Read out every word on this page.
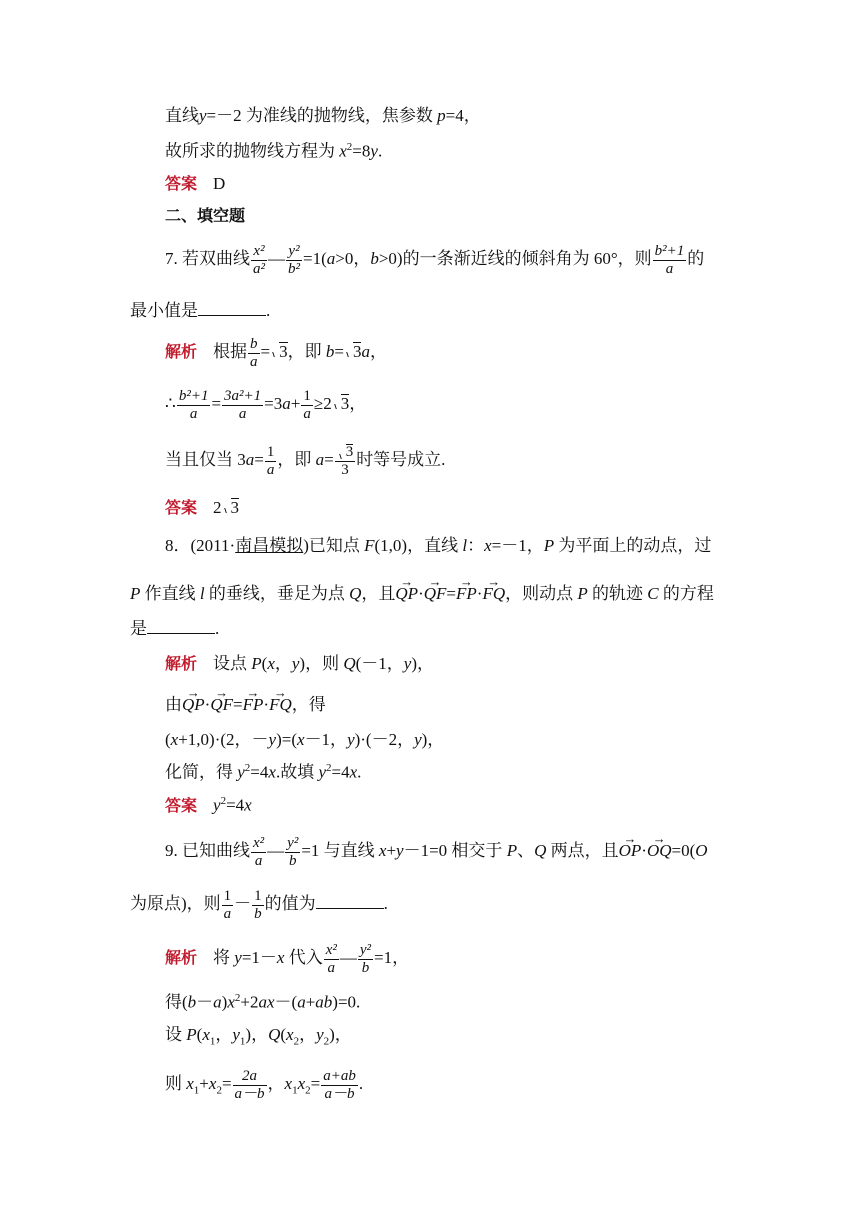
直线y=－2 为准线的抛物线，焦参数 p=4，
故所求的抛物线方程为 $x^2=8y$.
答案 D
二、填空题
7. 若双曲线 $\frac{\text{x²}}{\text{a²}}$ — $\frac{\text{y²}}{\text{b²}} =1(a>0$，b>0)的一条渐近线的倾斜角为 60°，则 $\frac{\text{b²+1}}{a}$ 的
最小值是	.
解析 根据 $\frac{b}{a} = 3$，即 b= 3a，
∴ $\frac{\text{b²+1}}{a} = \frac{\text{3a²+1}}{a} =3a+ \frac{1}{a} \ge 2$ 3，
当且仅当 $3a= \frac{1}{a}$ ，即 $a= \frac{3}{3}$ 时等号成立.
答案 2 3
8．(2011·南昌模拟)已知点 F(1,0)，直线 l：x=－1，P 为平面上的动点，过
P 作直线 l 的垂线，垂足为点 Q，且→ QP·→ QF=→ FP·→ FQ，则动点 P 的轨迹 C 的方程
是	.
解析 设点 P(x，y)，则 Q(－1，y)，
由→ QP·→ QF=→ FP·→ FQ，得
(x+1,0)·(2，－y)=(x－1，y)·(－2，y)，
化简，得 $y^2=4x$.故填 $y^2=4x$.
答案 $y^2=4x$
9. 已知曲线 $\frac{\text{x²}}{a}$ — $\frac{\text{y²}}{b} =1$ 与直线 x+y－1=0 相交于 P、Q 两点，且→ OP·→ OQ=0(O
为原点)，则 $\frac{1}{a} - \frac{1}{b}$ 的值为	.
解析 将 y=1－x 代入 $\frac{\text{x²}}{a}$ — $\frac{\text{y²}}{b} =1$，
得$(b-a)x^2+2ax-(a+ab)=0$.
设 $P(x_1$，$y_1$)，$Q(x_2$，$y_2$)，
则 $x_1+x_2= \frac{2a}{a-b}$ ，$x_1x_2= \frac{a+ab}{a-b}$ .
